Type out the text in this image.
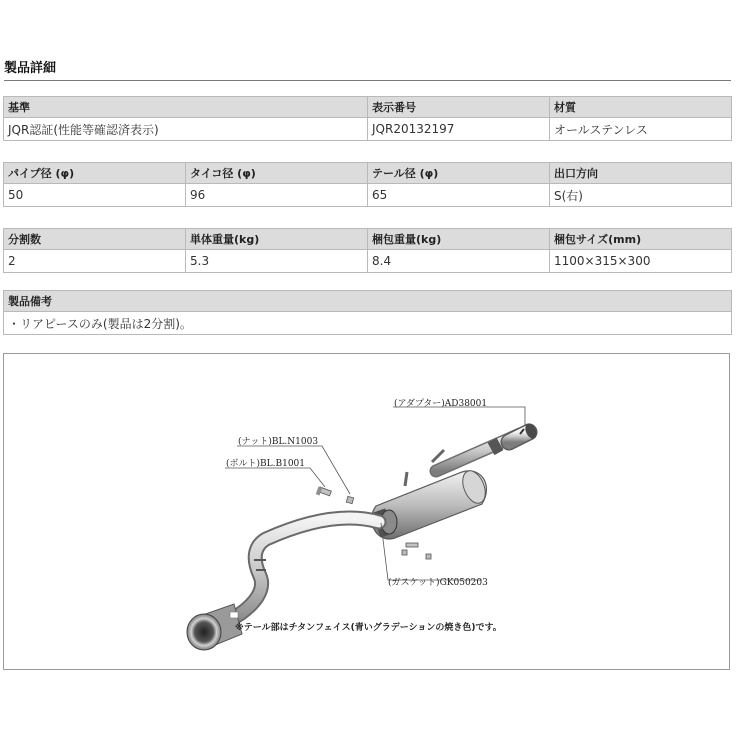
製品詳細
基準	表示番号	材質
JQR認証(性能等確認済表示)	JQR20132197	オールステンレス
パイプ径 (φ)	タイコ径 (φ)	テール径 (φ)	出口方向
50	96	65	S(右)
分割数	単体重量(kg)	梱包重量(kg)	梱包サイズ(mm)
2	5.3	8.4	1100×315×300
製品備考
・リアピースのみ(製品は2分割)。
(アダプター)AD38001
(ナット)BL.N1003
(ボルト)BL.B1001
(ガスケット)GK050203
※テール部はチタンフェイス(青いグラデーションの焼き色)です。
